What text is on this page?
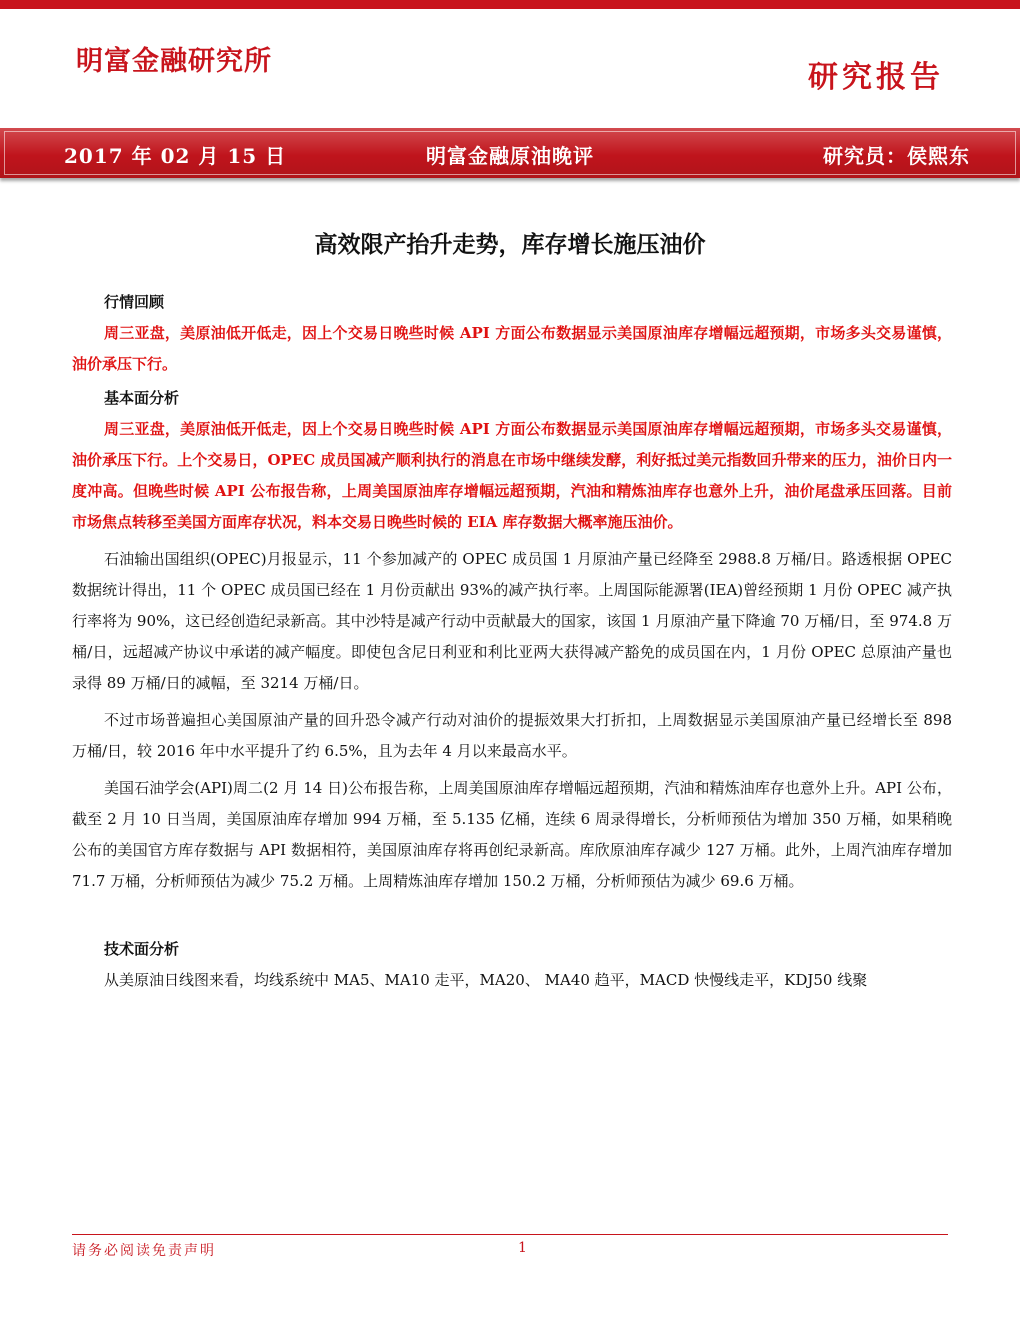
明富金融研究所	研究报告
2017 年 02 月 15 日	明富金融原油晚评	研究员：侯熙东
高效限产抬升走势，库存增长施压油价
行情回顾

周三亚盘，美原油低开低走，因上个交易日晚些时候 API 方面公布数据显示美国原油库存增幅远超预期，市场多头交易谨慎，油价承压下行。

基本面分析

周三亚盘，美原油低开低走，因上个交易日晚些时候 API 方面公布数据显示美国原油库存增幅远超预期，市场多头交易谨慎，油价承压下行。上个交易日，OPEC 成员国减产顺利执行的消息在市场中继续发酵，利好抵过美元指数回升带来的压力，油价日内一度冲高。但晚些时候 API 公布报告称，上周美国原油库存增幅远超预期，汽油和精炼油库存也意外上升，油价尾盘承压回落。目前市场焦点转移至美国方面库存状况，料本交易日晚些时候的 EIA 库存数据大概率施压油价。

石油输出国组织(OPEC)月报显示，11 个参加减产的 OPEC 成员国 1 月原油产量已经降至 2988.8 万桶/日。路透根据 OPEC 数据统计得出，11 个 OPEC 成员国已经在 1 月份贡献出 93%的减产执行率。上周国际能源署(IEA)曾经预期 1 月份 OPEC 减产执行率将为 90%，这已经创造纪录新高。其中沙特是减产行动中贡献最大的国家，该国 1 月原油产量下降逾 70 万桶/日，至 974.8 万桶/日，远超减产协议中承诺的减产幅度。即使包含尼日利亚和利比亚两大获得减产豁免的成员国在内，1 月份 OPEC 总原油产量也录得 89 万桶/日的减幅，至 3214 万桶/日。

不过市场普遍担心美国原油产量的回升恐令减产行动对油价的提振效果大打折扣，上周数据显示美国原油产量已经增长至 898 万桶/日，较 2016 年中水平提升了约 6.5%，且为去年 4 月以来最高水平。

美国石油学会(API)周二(2 月 14 日)公布报告称，上周美国原油库存增幅远超预期，汽油和精炼油库存也意外上升。API 公布，截至 2 月 10 日当周，美国原油库存增加 994 万桶，至 5.135 亿桶，连续 6 周录得增长，分析师预估为增加 350 万桶，如果稍晚公布的美国官方库存数据与 API 数据相符，美国原油库存将再创纪录新高。库欣原油库存减少 127 万桶。此外，上周汽油库存增加 71.7 万桶，分析师预估为减少 75.2 万桶。上周精炼油库存增加 150.2 万桶，分析师预估为减少 69.6 万桶。

技术面分析

从美原油日线图来看，均线系统中 MA5、MA10 走平，MA20、 MA40 趋平，MACD 快慢线走平，KDJ50 线聚

请务必阅读免责声明	1
